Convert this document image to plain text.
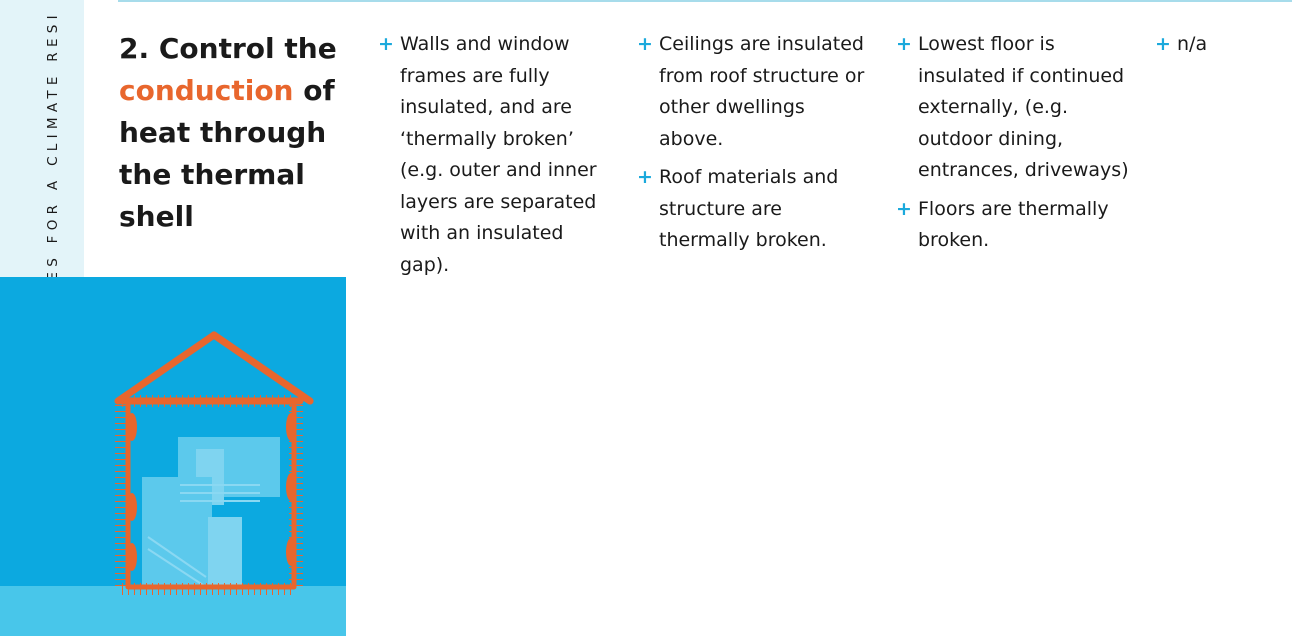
2. Control the conduction of heat through the thermal shell
+ Walls and window frames are fully insulated, and are ‘thermally broken’ (e.g. outer and inner layers are separated with an insulated gap).
+ Ceilings are insulated from roof structure or other dwellings above.
+ Roof materials and structure are thermally broken.
+ Lowest floor is insulated if continued externally, (e.g. outdoor dining, entrances, driveways)
+ Floors are thermally broken.
+ n/a
